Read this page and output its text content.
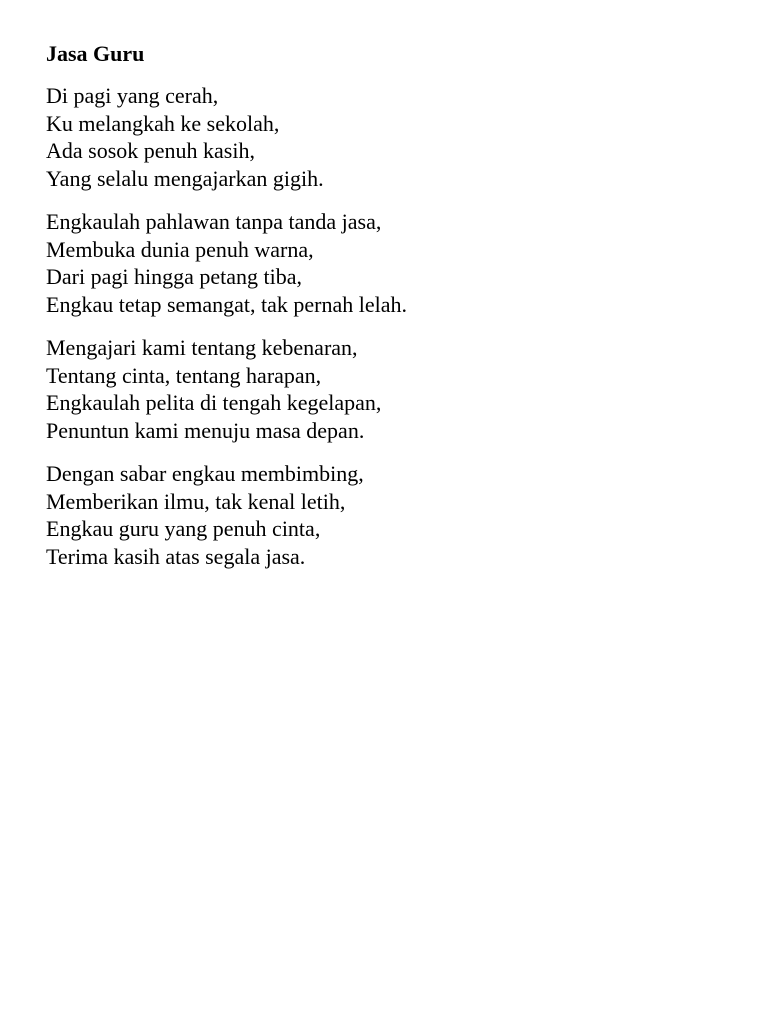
Jasa Guru
Di pagi yang cerah,
Ku melangkah ke sekolah,
Ada sosok penuh kasih,
Yang selalu mengajarkan gigih.
Engkaulah pahlawan tanpa tanda jasa,
Membuka dunia penuh warna,
Dari pagi hingga petang tiba,
Engkau tetap semangat, tak pernah lelah.
Mengajari kami tentang kebenaran,
Tentang cinta, tentang harapan,
Engkaulah pelita di tengah kegelapan,
Penuntun kami menuju masa depan.
Dengan sabar engkau membimbing,
Memberikan ilmu, tak kenal letih,
Engkau guru yang penuh cinta,
Terima kasih atas segala jasa.
